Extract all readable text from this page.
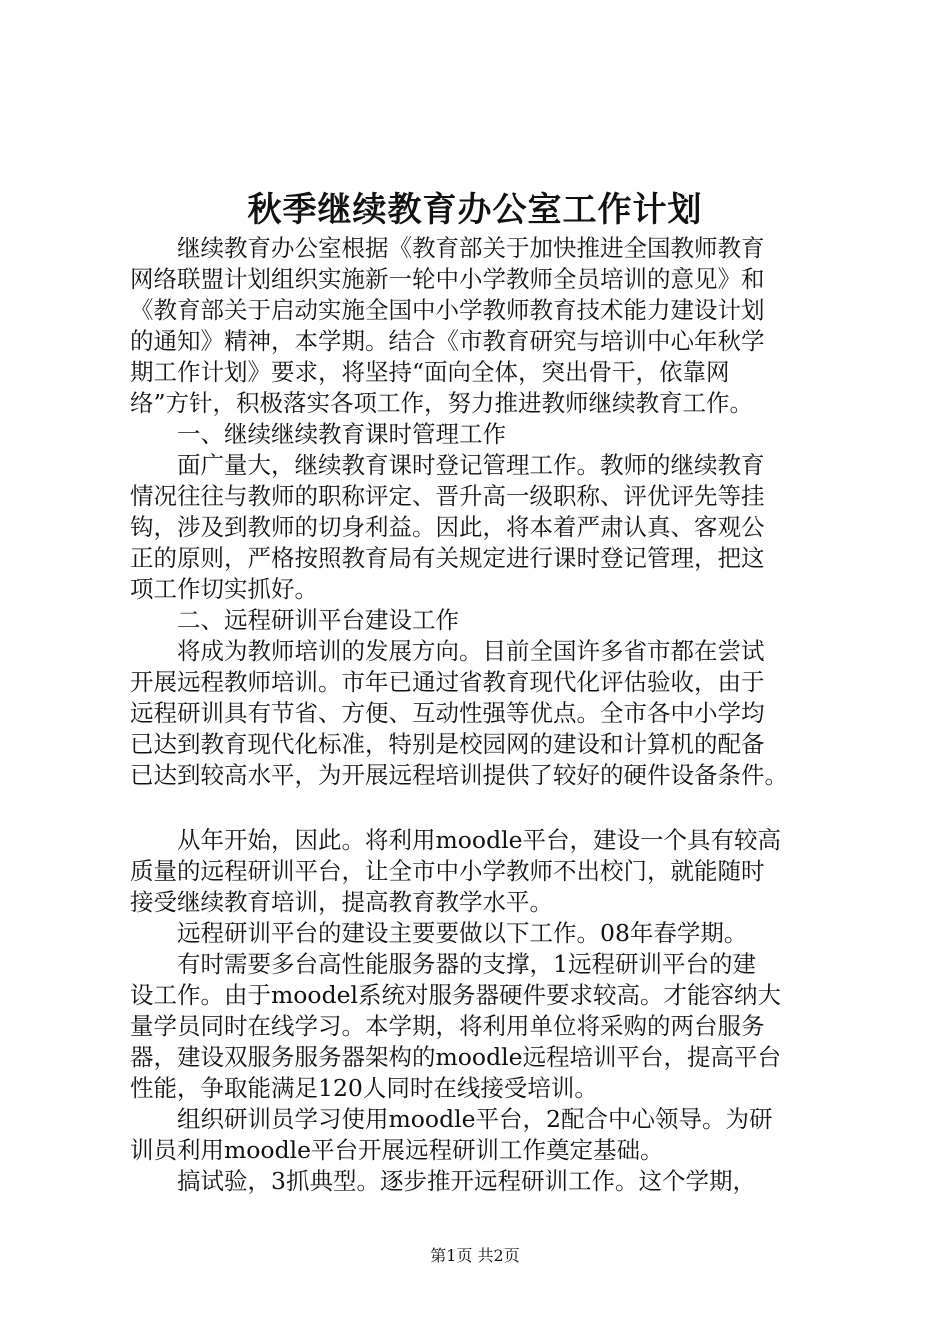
秋季继续教育办公室工作计划
　　继续教育办公室根据《教育部关于加快推进全国教师教育
网络联盟计划组织实施新一轮中小学教师全员培训的意见》和
《教育部关于启动实施全国中小学教师教育技术能力建设计划
的通知》精神，本学期。结合《市教育研究与培训中心年秋学
期工作计划》要求，将坚持“面向全体，突出骨干，依靠网
络”方针，积极落实各项工作，努力推进教师继续教育工作。
　　一、继续继续教育课时管理工作
　　面广量大，继续教育课时登记管理工作。教师的继续教育
情况往往与教师的职称评定、晋升高一级职称、评优评先等挂
钩，涉及到教师的切身利益。因此，将本着严肃认真、客观公
正的原则，严格按照教育局有关规定进行课时登记管理，把这
项工作切实抓好。
　　二、远程研训平台建设工作
　　将成为教师培训的发展方向。目前全国许多省市都在尝试
开展远程教师培训。市年已通过省教育现代化评估验收，由于
远程研训具有节省、方便、互动性强等优点。全市各中小学均
已达到教育现代化标准，特别是校园网的建设和计算机的配备
已达到较高水平，为开展远程培训提供了较好的硬件设备条件。
　　从年开始，因此。将利用moodle平台，建设一个具有较高
质量的远程研训平台，让全市中小学教师不出校门，就能随时
接受继续教育培训，提高教育教学水平。
　　远程研训平台的建设主要要做以下工作。08年春学期。
　　有时需要多台高性能服务器的支撑，1远程研训平台的建
设工作。由于moodel系统对服务器硬件要求较高。才能容纳大
量学员同时在线学习。本学期，将利用单位将采购的两台服务
器，建设双服务服务器架构的moodle远程培训平台，提高平台
性能，争取能满足120人同时在线接受培训。
　　组织研训员学习使用moodle平台，2配合中心领导。为研
训员利用moodle平台开展远程研训工作奠定基础。
　　搞试验，3抓典型。逐步推开远程研训工作。这个学期，
第1页 共2页
